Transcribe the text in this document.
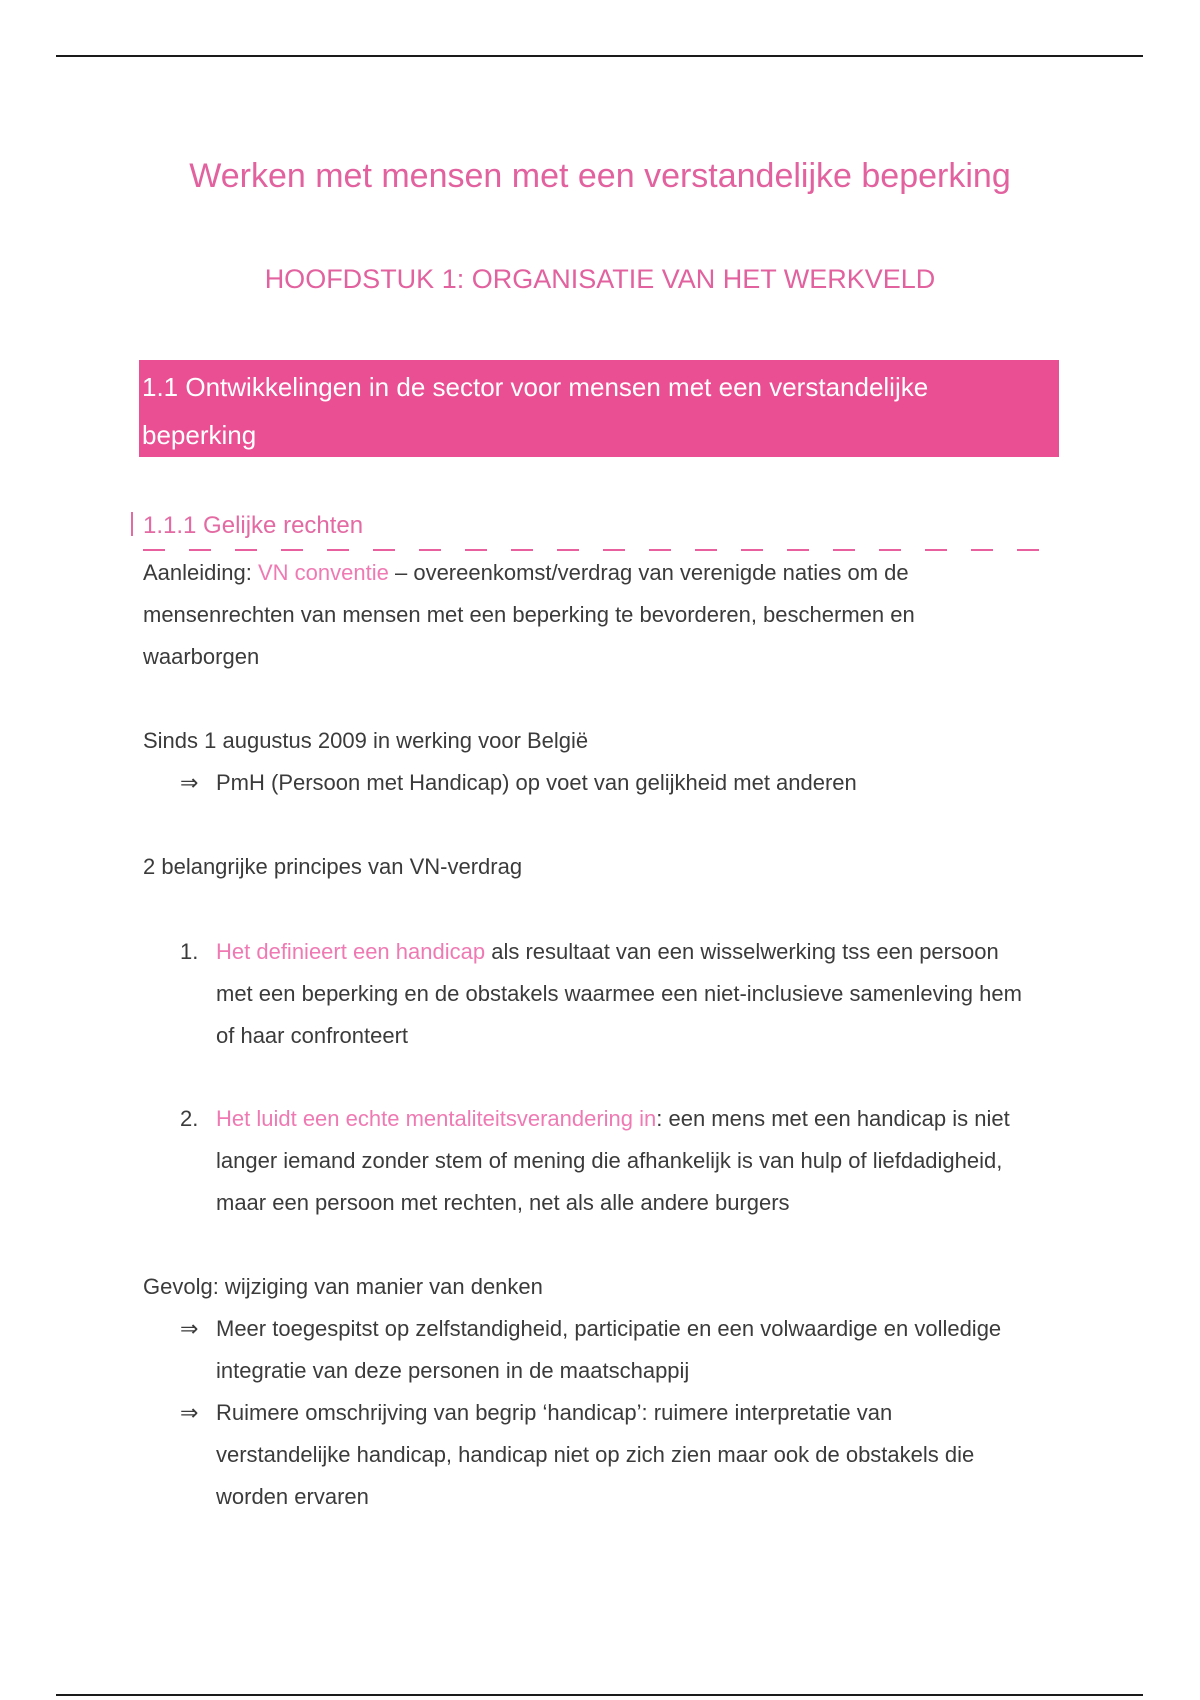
Werken met mensen met een verstandelijke beperking
HOOFDSTUK 1: ORGANISATIE VAN HET WERKVELD
1.1 Ontwikkelingen in de sector voor mensen met een verstandelijke
beperking
1.1.1 Gelijke rechten
Aanleiding: VN conventie – overeenkomst/verdrag van verenigde naties om de
mensenrechten van mensen met een beperking te bevorderen, beschermen en
waarborgen
Sinds 1 augustus 2009 in werking voor België
⇒ PmH (Persoon met Handicap) op voet van gelijkheid met anderen
2 belangrijke principes van VN-verdrag
1. Het definieert een handicap als resultaat van een wisselwerking tss een persoon
met een beperking en de obstakels waarmee een niet-inclusieve samenleving hem
of haar confronteert
2. Het luidt een echte mentaliteitsverandering in: een mens met een handicap is niet
langer iemand zonder stem of mening die afhankelijk is van hulp of liefdadigheid,
maar een persoon met rechten, net als alle andere burgers
Gevolg: wijziging van manier van denken
⇒ Meer toegespitst op zelfstandigheid, participatie en een volwaardige en volledige
integratie van deze personen in de maatschappij
⇒ Ruimere omschrijving van begrip ‘handicap’: ruimere interpretatie van
verstandelijke handicap, handicap niet op zich zien maar ook de obstakels die
worden ervaren
